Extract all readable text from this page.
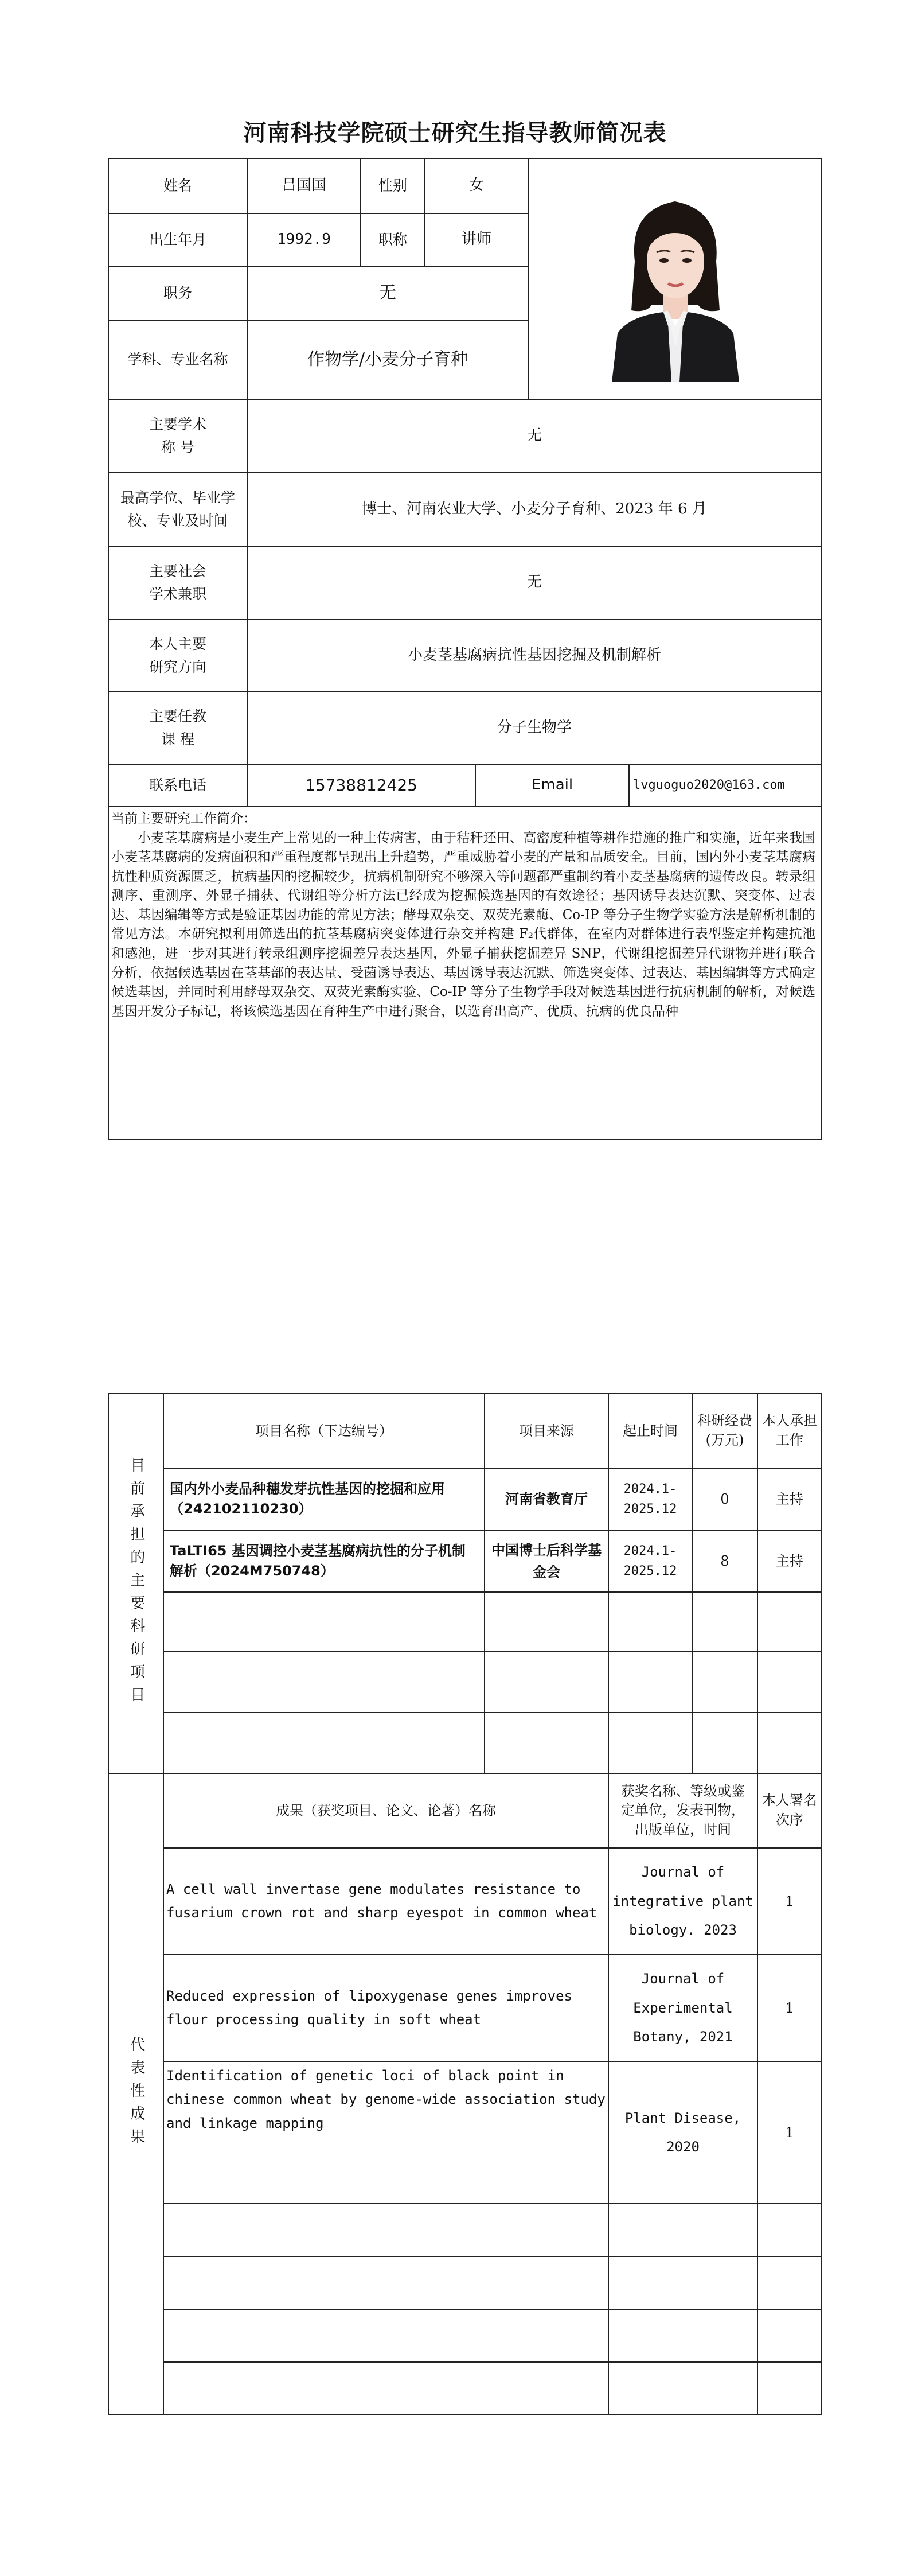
河南科技学院硕士研究生指导教师简况表
姓名	吕国国	性别	女	

出生年月	1992.9	职称	讲师			
职务	无					
学科、专业名称	作物学/小麦分子育种					

主要学术
称 号	无					

最高学位、毕业学
校、专业及时间	博士、河南农业大学、小麦分子育种、2023 年 6 月					

主要社会
学术兼职	无					

本人主要
研究方向	小麦茎基腐病抗性基因挖掘及机制解析					

主要任教
课 程	分子生物学					
联系电话	15738812425			Email		lvguoguo2020@163.com

当前主要研究工作简介：
小麦茎基腐病是小麦生产上常见的一种土传病害，由于秸秆还田、高密度种植等耕作措施的推广和实施，近年来我国小麦茎基腐病的发病面积和严重程度都呈现出上升趋势，严重威胁着小麦的产量和品质安全。目前，国内外小麦茎基腐病抗性种质资源匮乏，抗病基因的挖掘较少，抗病机制研究不够深入等问题都严重制约着小麦茎基腐病的遗传改良。转录组测序、重测序、外显子捕获、代谢组等分析方法已经成为挖掘候选基因的有效途径；基因诱导表达沉默、突变体、过表达、基因编辑等方式是验证基因功能的常见方法；酵母双杂交、双荧光素酶、Co-IP 等分子生物学实验方法是解析机制的常见方法。本研究拟利用筛选出的抗茎基腐病突变体进行杂交并构建 F₂代群体，在室内对群体进行表型鉴定并构建抗池和感池，进一步对其进行转录组测序挖掘差异表达基因，外显子捕获挖掘差异 SNP，代谢组挖掘差异代谢物并进行联合分析，依据候选基因在茎基部的表达量、受菌诱导表达、基因诱导表达沉默、筛选突变体、过表达、基因编辑等方式确定候选基因，并同时利用酵母双杂交、双荧光素酶实验、Co-IP 等分子生物学手段对候选基因进行抗病机制的解析，对候选基因开发分子标记，将该候选基因在育种生产中进行聚合，以选育出高产、优质、抗病的优良品种						
目前承担的主要科研项目	项目名称（下达编号）	项目来源	起止时间	科研经费(万元)	本人承担工作
	国内外小麦品种穗发芽抗性基因的挖掘和应用（242102110230）	河南省教育厅	2024.1-2025.12	0	主持
	TaLTI65 基因调控小麦茎基腐病抗性的分子机制解析（2024M750748）	中国博士后科学基金会	2024.1-2025.12	8	主持

代表性成果	成果（获奖项目、论文、论著）名称		获奖名称、等级或鉴定单位，发表刊物，出版单位，时间		本人署名次序
	A cell wall invertase gene modulates resistance to fusarium crown rot and sharp eyespot in common wheat		Journal of integrative plant biology. 2023		1
	Reduced expression of lipoxygenase genes improves flour processing quality in soft wheat		Journal of Experimental Botany, 2021		1
	Identification of genetic loci of black point in chinese common wheat by genome-wide association study and linkage mapping		Plant Disease, 2020		1
